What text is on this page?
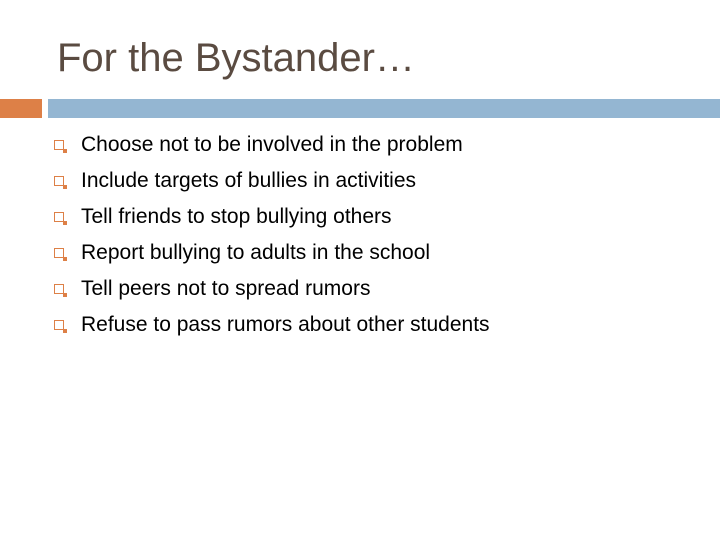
For the Bystander…
Choose not to be involved in the problem
Include targets of bullies in activities
Tell friends to stop bullying others
Report bullying to adults in the school
Tell peers not to spread rumors
Refuse to pass rumors about other students
